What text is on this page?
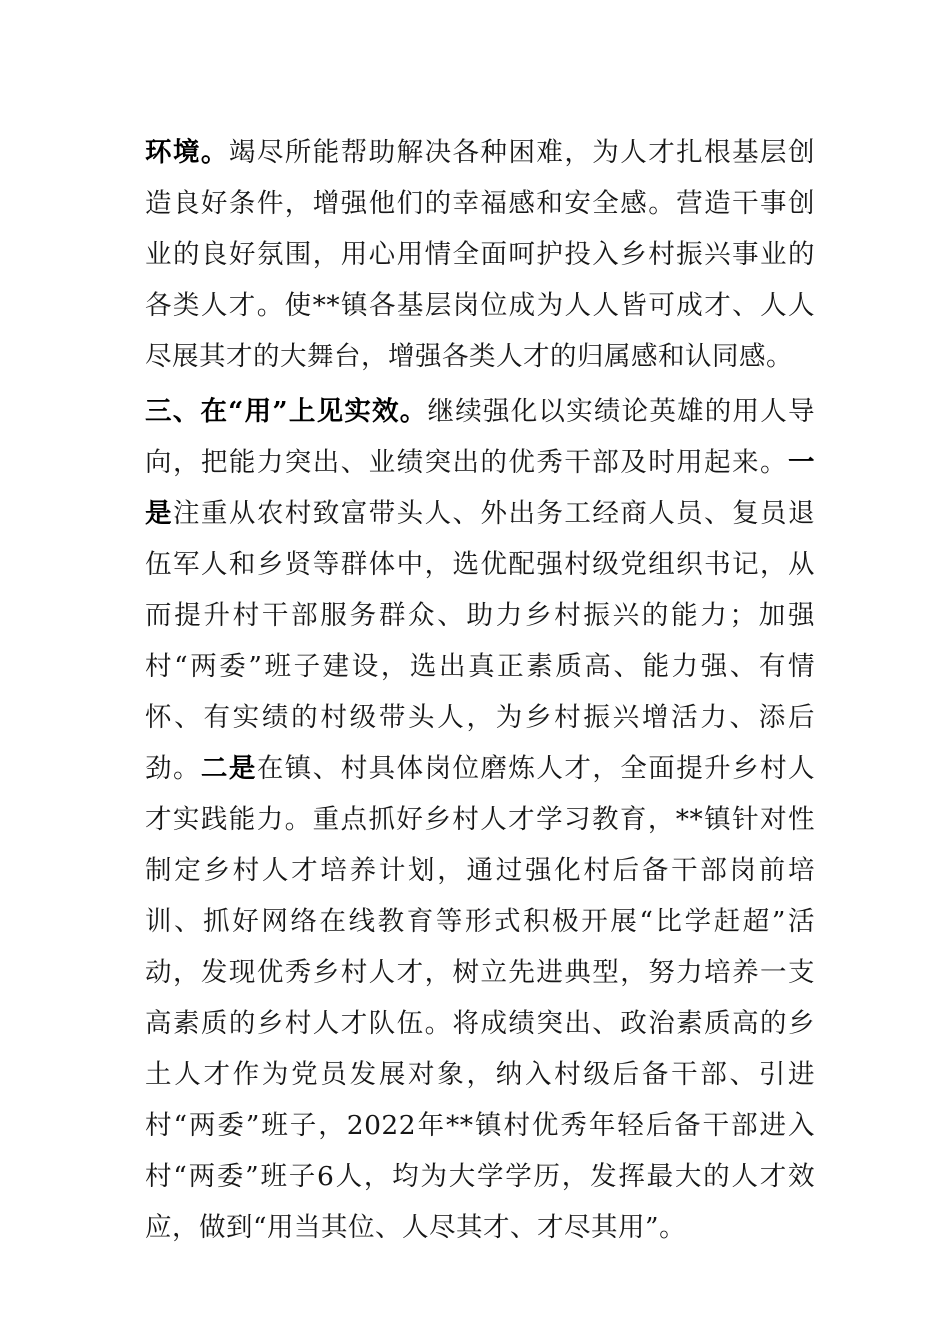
环境。竭尽所能帮助解决各种困难，为人才扎根基层创造良好条件，增强他们的幸福感和安全感。营造干事创业的良好氛围，用心用情全面呵护投入乡村振兴事业的各类人才。使**镇各基层岗位成为人人皆可成才、人人尽展其才的大舞台，增强各类人才的归属感和认同感。

三、在“用”上见实效。继续强化以实绩论英雄的用人导向，把能力突出、业绩突出的优秀干部及时用起来。一是注重从农村致富带头人、外出务工经商人员、复员退伍军人和乡贤等群体中，选优配强村级党组织书记，从而提升村干部服务群众、助力乡村振兴的能力；加强村“两委”班子建设，选出真正素质高、能力强、有情怀、有实绩的村级带头人，为乡村振兴增活力、添后劲。二是在镇、村具体岗位磨炼人才，全面提升乡村人才实践能力。重点抓好乡村人才学习教育，**镇针对性制定乡村人才培养计划，通过强化村后备干部岗前培训、抓好网络在线教育等形式积极开展“比学赶超”活动，发现优秀乡村人才，树立先进典型，努力培养一支高素质的乡村人才队伍。将成绩突出、政治素质高的乡土人才作为党员发展对象，纳入村级后备干部、引进村“两委”班子，2022年**镇村优秀年轻后备干部进入村“两委”班子6人，均为大学学历，发挥最大的人才效应，做到“用当其位、人尽其才、才尽其用”。
